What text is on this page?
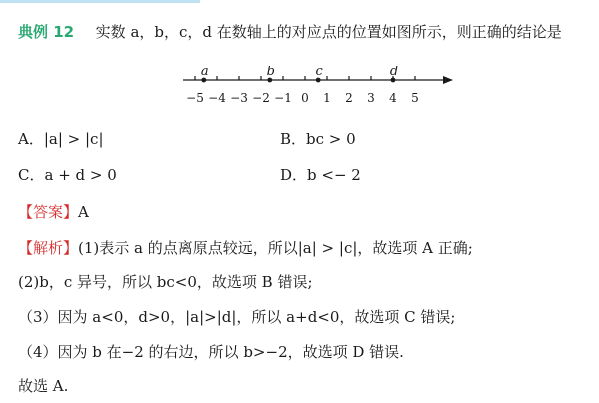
典例 12 实数 a，b，c，d 在数轴上的对应点的位置如图所示，则正确的结论是
−5 −4 −3 −2 −1 0 1 2 3 4 5
a	b	c	d
A．|a| > |c|	B．bc > 0
C．a + d > 0	D．b <− 2
【答案】A
【解析】(1)表示 a 的点离原点较远，所以|a| > |c|，故选项 A 正确;
(2)b，c 异号，所以 bc<0，故选项 B 错误;
（3）因为 a<0，d>0，|a|>|d|，所以 a+d<0，故选项 C 错误;
（4）因为 b 在−2 的右边，所以 b>−2，故选项 D 错误.
故选 A.
